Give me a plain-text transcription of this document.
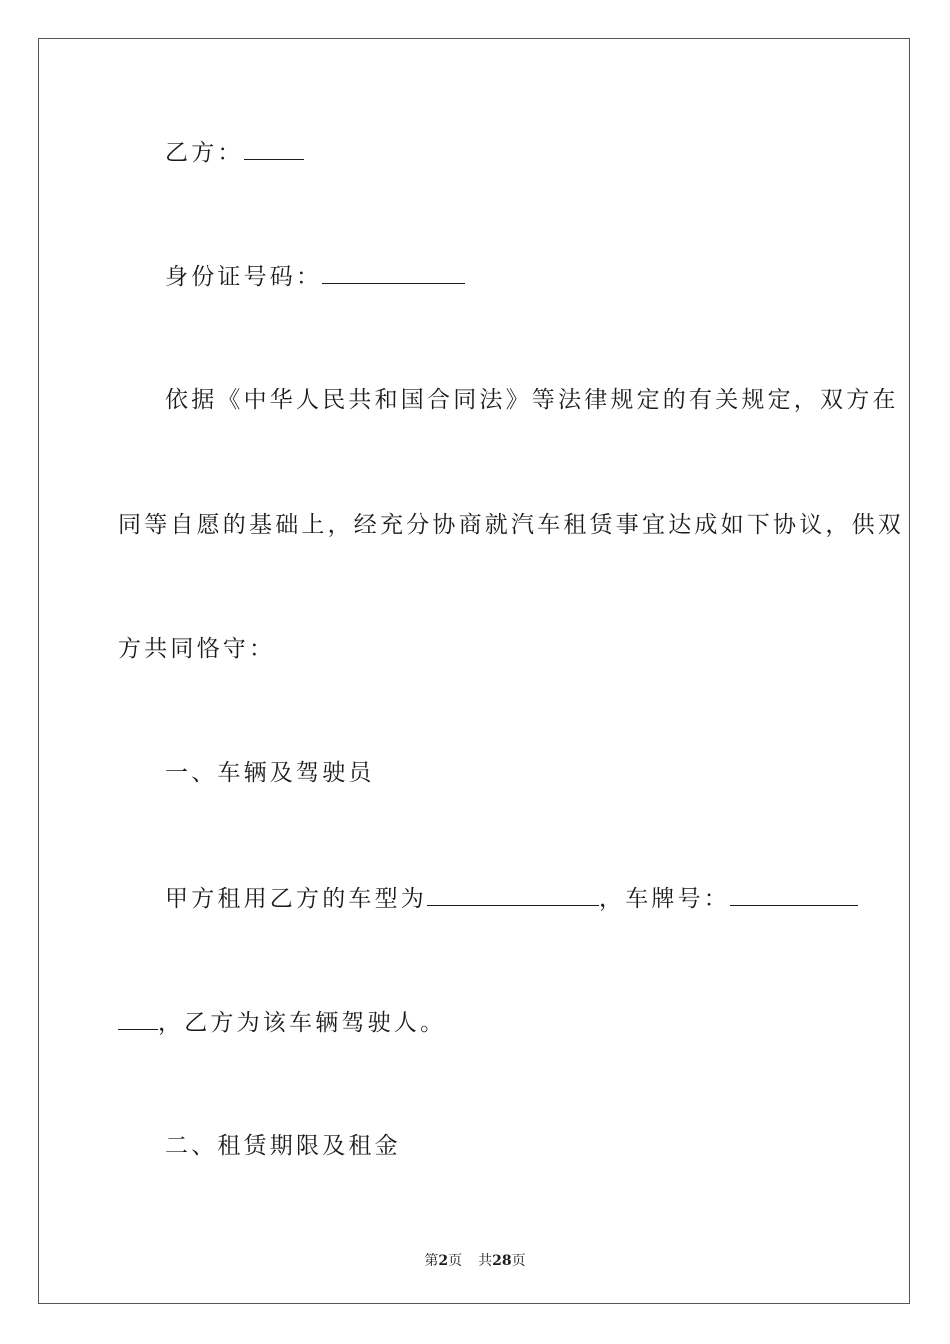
乙方：
身份证号码：
依据《中华人民共和国合同法》等法律规定的有关规定，双方在
同等自愿的基础上，经充分协商就汽车租赁事宜达成如下协议，供双
方共同恪守：
一、车辆及驾驶员
甲方租用乙方的车型为	，车牌号：
，乙方为该车辆驾驶人。
二、租赁期限及租金
第2页 共28页
